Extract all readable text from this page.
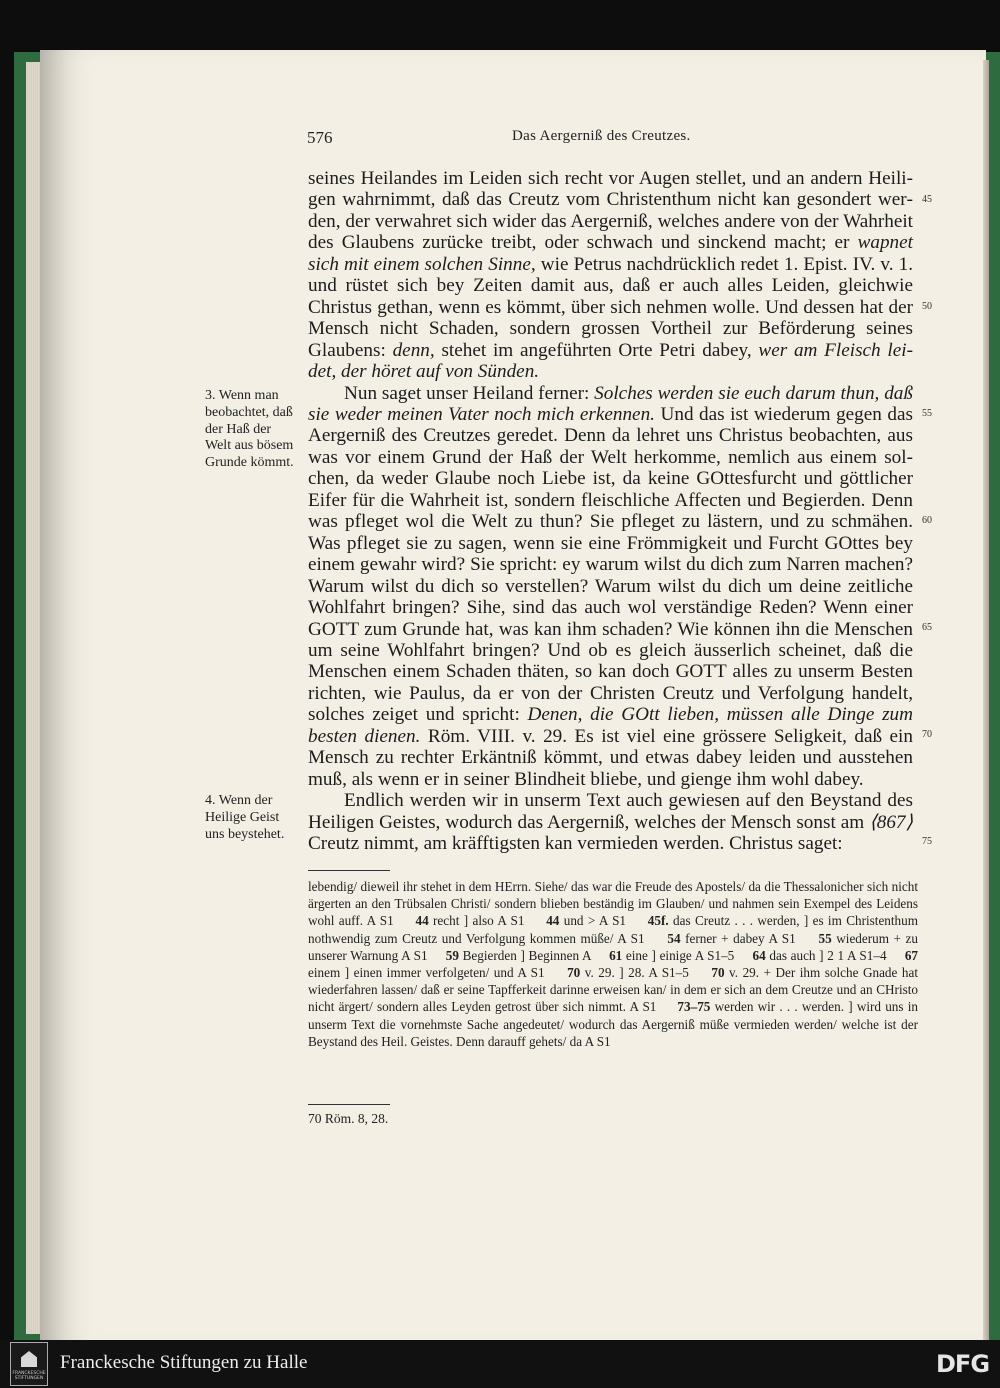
576	Das Aergerniß des Creutzes.

seines Heilandes im Leiden sich recht vor Augen stellet, und an andern Heiligen wahrnimmt, daß das Creutz vom Christenthum nicht kan gesondert werden, der verwahret sich wider das Aergerniß, welches andere von der Wahrheit des Glaubens zurücke treibt, oder schwach und sinckend macht; er wapnet sich mit einem solchen Sinne, wie Petrus nachdrücklich redet 1. Epist. IV. v. 1. und rüstet sich bey Zeiten damit aus, daß er auch alles Leiden, gleichwie Christus gethan, wenn es kömmt, über sich nehmen wolle. Und dessen hat der Mensch nicht Schaden, sondern grossen Vortheil zur Beförderung seines Glaubens: denn, stehet im angeführten Orte Petri dabey, wer am Fleisch leidet, der höret auf von Sünden.

Nun saget unser Heiland ferner: Solches werden sie euch darum thun, daß sie weder meinen Vater noch mich erkennen. Und das ist wiederum gegen das Aergerniß des Creutzes geredet. Denn da lehret uns Christus beobachten, aus was vor einem Grund der Haß der Welt herkomme, nemlich aus einem solchen, da weder Glaube noch Liebe ist, da keine GOttesfurcht und göttlicher Eifer für die Wahrheit ist, sondern fleischliche Affecten und Begierden. Denn was pfleget wol die Welt zu thun? Sie pfleget zu lästern, und zu schmähen. Was pfleget sie zu sagen, wenn sie eine Frömmigkeit und Furcht GOttes bey einem gewahr wird? Sie spricht: ey warum wilst du dich zum Narren machen? Warum wilst du dich so verstellen? Warum wilst du dich um deine zeitliche Wohlfahrt bringen? Sihe, sind das auch wol verständige Reden? Wenn einer GOTT zum Grunde hat, was kan ihm schaden? Wie können ihn die Menschen um seine Wohlfahrt bringen? Und ob es gleich äusserlich scheinet, daß die Menschen einem Schaden thäten, so kan doch GOTT alles zu unserm Besten richten, wie Paulus, da er von der Christen Creutz und Verfolgung handelt, solches zeiget und spricht: Denen, die GOtt lieben, müssen alle Dinge zum besten dienen. Röm. VIII. v. 29. Es ist viel eine grössere Seligkeit, daß ein Mensch zu rechter Erkäntniß kömmt, und etwas dabey leiden und ausstehen muß, als wenn er in seiner Blindheit bliebe, und gienge ihm wohl dabey.

Endlich werden wir in unserm Text auch gewiesen auf den Beystand des Heiligen Geistes, wodurch das Aergerniß, welches der Mensch sonst am ⟨867⟩ Creutz nimmt, am kräfftigsten kan vermieden werden. Christus saget:

45
50
55
60
65
70
75
3. Wenn man beobachtet, daß der Haß der Welt aus bösem Grunde kömmt.
4. Wenn der Heilige Geist uns beystehet.
lebendig/ dieweil ihr stehet in dem HErrn. Siehe/ das war die Freude des Apostels/ da die Thessalonicher sich nicht ärgerten an den Trübsalen Christi/ sondern blieben beständig im Glauben/ und nahmen sein Exempel des Leidens wohl auff. A S1     44 recht ] also A S1     44 und > A S1     45f. das Creutz . . . werden, ] es im Christenthum nothwendig zum Creutz und Verfolgung kommen müße/ A S1     54 ferner + dabey A S1     55 wiederum + zu unserer Warnung A S1     59 Begierden ] Beginnen A     61 eine ] einige A S1–5     64 das auch ] 2 1 A S1–4     67 einem ] einen immer verfolgeten/ und A S1     70 v. 29. ] 28. A S1–5     70 v. 29. + Der ihm solche Gnade hat wiederfahren lassen/ daß er seine Tapfferkeit darinne erweisen kan/ in dem er sich an dem Creutze und an CHristo nicht ärgert/ sondern alles Leyden getrost über sich nimmt. A S1     73–75 werden wir . . . werden. ] wird uns in unserm Text die vornehmste Sache angedeutet/ wodurch das Aergerniß müße vermieden werden/ welche ist der Beystand des Heil. Geistes. Denn darauff gehets/ da A S1
70 Röm. 8, 28.
FRANCKESCHE STIFTUNGEN
Franckesche Stiftungen zu Halle	DFG
